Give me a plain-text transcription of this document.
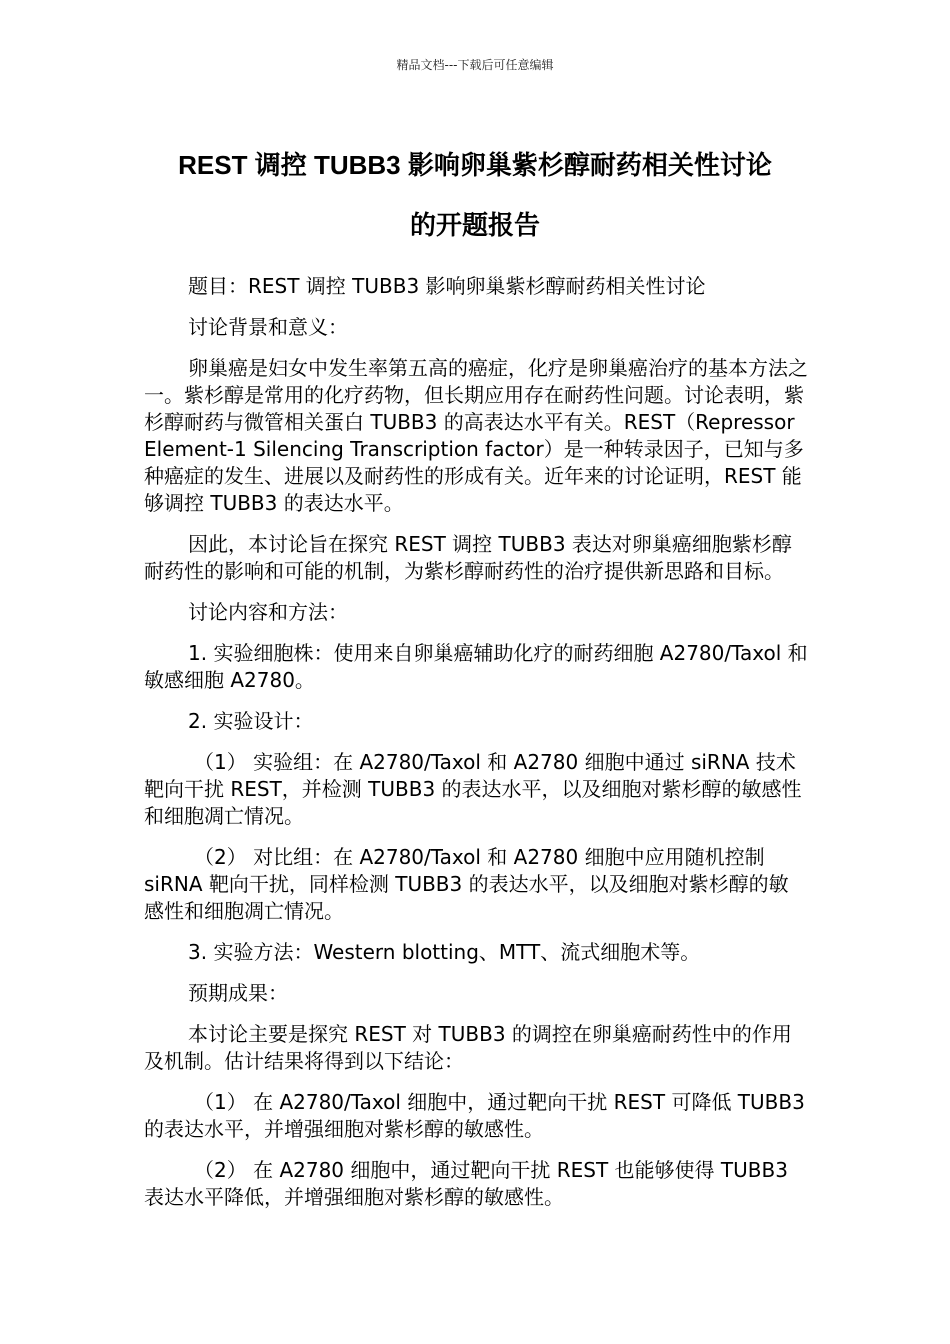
精品文档---下载后可任意编辑
REST 调控 TUBB3 影响卵巢紫杉醇耐药相关性讨论
的开题报告

题目：REST 调控 TUBB3 影响卵巢紫杉醇耐药相关性讨论

讨论背景和意义：

卵巢癌是妇女中发生率第五高的癌症，化疗是卵巢癌治疗的基本方法之一。紫杉醇是常用的化疗药物，但长期应用存在耐药性问题。讨论表明，紫杉醇耐药与微管相关蛋白 TUBB3 的高表达水平有关。REST（Repressor Element-1 Silencing Transcription factor）是一种转录因子，已知与多种癌症的发生、进展以及耐药性的形成有关。近年来的讨论证明，REST 能够调控 TUBB3 的表达水平。

因此，本讨论旨在探究 REST 调控 TUBB3 表达对卵巢癌细胞紫杉醇耐药性的影响和可能的机制，为紫杉醇耐药性的治疗提供新思路和目标。

讨论内容和方法：

1. 实验细胞株：使用来自卵巢癌辅助化疗的耐药细胞 A2780/Taxol 和敏感细胞 A2780。

2. 实验设计：

（1） 实验组：在 A2780/Taxol 和 A2780 细胞中通过 siRNA 技术靶向干扰 REST，并检测 TUBB3 的表达水平，以及细胞对紫杉醇的敏感性和细胞凋亡情况。

（2） 对比组：在 A2780/Taxol 和 A2780 细胞中应用随机控制 siRNA 靶向干扰，同样检测 TUBB3 的表达水平，以及细胞对紫杉醇的敏感性和细胞凋亡情况。

3. 实验方法：Western blotting、MTT、流式细胞术等。

预期成果：

本讨论主要是探究 REST 对 TUBB3 的调控在卵巢癌耐药性中的作用及机制。估计结果将得到以下结论：

（1） 在 A2780/Taxol 细胞中，通过靶向干扰 REST 可降低 TUBB3 的表达水平，并增强细胞对紫杉醇的敏感性。

（2） 在 A2780 细胞中，通过靶向干扰 REST 也能够使得 TUBB3 表达水平降低，并增强细胞对紫杉醇的敏感性。
